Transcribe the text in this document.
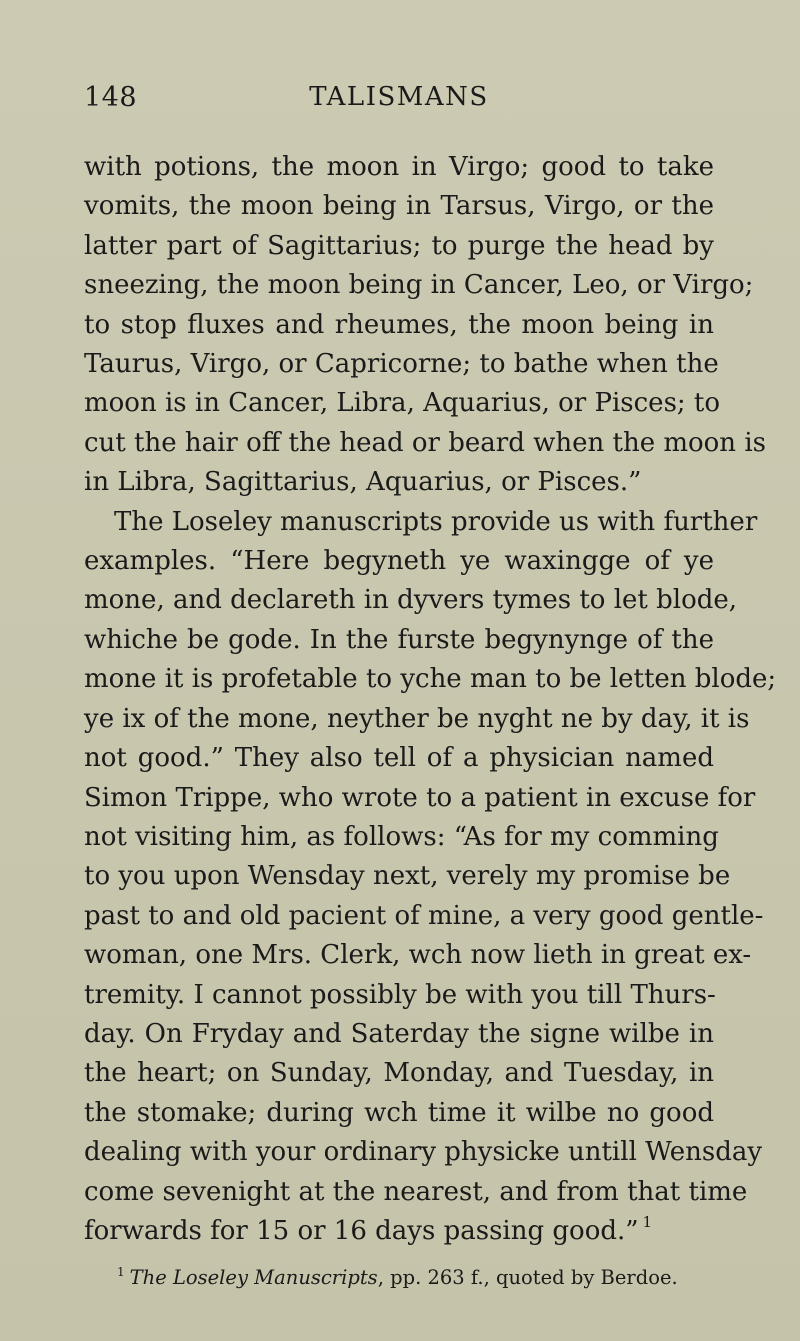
148	TALISMANS
with potions, the moon in Virgo; good to take
vomits, the moon being in Tarsus, Virgo, or the
latter part of Sagittarius; to purge the head by
sneezing, the moon being in Cancer, Leo, or Virgo;
to stop fluxes and rheumes, the moon being in
Taurus, Virgo, or Capricorne; to bathe when the
moon is in Cancer, Libra, Aquarius, or Pisces; to
cut the hair off the head or beard when the moon is
in Libra, Sagittarius, Aquarius, or Pisces.”
The Loseley manuscripts provide us with further
examples. “Here begyneth ye waxingge of ye
mone, and declareth in dyvers tymes to let blode,
whiche be gode. In the furste begynynge of the
mone it is profetable to yche man to be letten blode;
ye ix of the mone, neyther be nyght ne by day, it is
not good.” They also tell of a physician named
Simon Trippe, who wrote to a patient in excuse for
not visiting him, as follows: “As for my comming
to you upon Wensday next, verely my promise be
past to and old pacient of mine, a very good gentle-
woman, one Mrs. Clerk, wch now lieth in great ex-
tremity. I cannot possibly be with you till Thurs-
day. On Fryday and Saterday the signe wilbe in
the heart; on Sunday, Monday, and Tuesday, in
the stomake; during wch time it wilbe no good
dealing with your ordinary physicke untill Wensday
come sevenight at the nearest, and from that time
forwards for 15 or 16 days passing good.” $^1$
$^1$ The Loseley Manuscripts, pp. 263 f., quoted by Berdoe.
